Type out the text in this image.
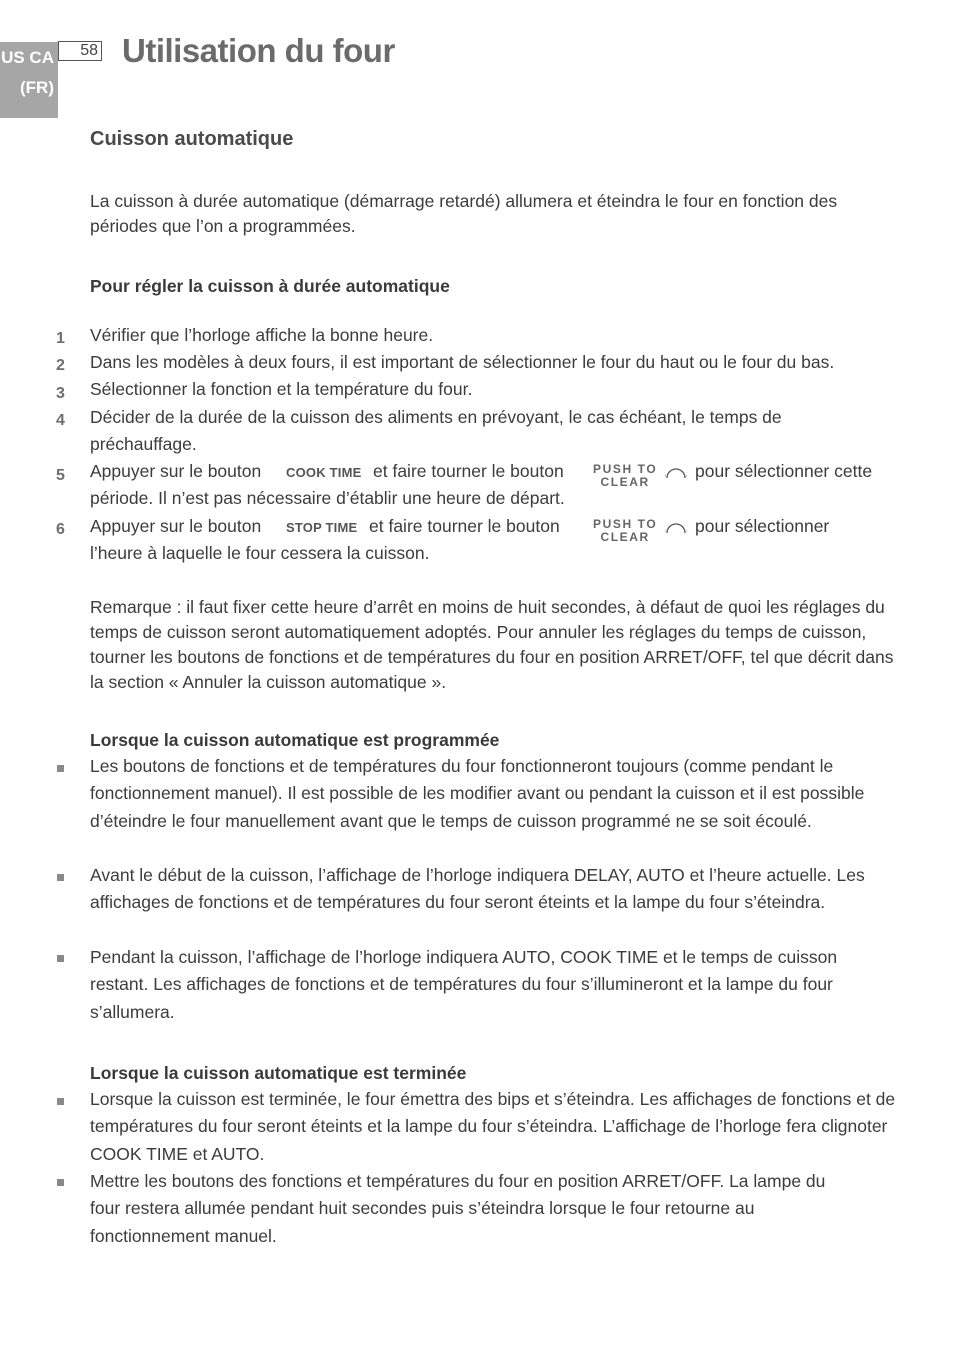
US CA
(FR)
58 Utilisation du four
Cuisson automatique
La cuisson à durée automatique (démarrage retardé) allumera et éteindra le four en fonction des périodes que l’on a programmées.
Pour régler la cuisson à durée automatique
1 Vérifier que l’horloge affiche la bonne heure.
2 Dans les modèles à deux fours, il est important de sélectionner le four du haut ou le four du bas.
3 Sélectionner la fonction et la température du four.
4 Décider de la durée de la cuisson des aliments en prévoyant, le cas échéant, le temps de
préchauffage.
5 Appuyer sur le bouton COOK TIME et faire tourner le bouton PUSH TO
CLEAR
pour sélectionner cette
période. Il n’est pas nécessaire d’établir une heure de départ.
6 Appuyer sur le bouton STOP TIME et faire tourner le bouton	PUSH TO
CLEAR
pour sélectionner
l’heure à laquelle le four cessera la cuisson.
Remarque : il faut fixer cette heure d’arrêt en moins de huit secondes, à défaut de quoi les réglages du temps de cuisson seront automatiquement adoptés. Pour annuler les réglages du temps de cuisson, tourner les boutons de fonctions et de températures du four en position ARRET/OFF, tel que décrit dans la section « Annuler la cuisson automatique ».
Lorsque la cuisson automatique est programmée
Les boutons de fonctions et de températures du four fonctionneront toujours (comme pendant le fonctionnement manuel). Il est possible de les modifier avant ou pendant la cuisson et il est possible d’éteindre le four manuellement avant que le temps de cuisson programmé ne se soit écoulé.
Avant le début de la cuisson, l’affichage de l’horloge indiquera DELAY, AUTO et l’heure actuelle. Les affichages de fonctions et de températures du four seront éteints et la lampe du four s’éteindra.
Pendant la cuisson, l’affichage de l’horloge indiquera AUTO, COOK TIME et le temps de cuisson restant. Les affichages de fonctions et de températures du four s’illumineront et la lampe du four s’allumera.
Lorsque la cuisson automatique est terminée
Lorsque la cuisson est terminée, le four émettra des bips et s’éteindra. Les affichages de fonctions et de températures du four seront éteints et la lampe du four s’éteindra. L’affichage de l’horloge fera clignoter COOK TIME et AUTO.
Mettre les boutons des fonctions et températures du four en position ARRET/OFF. La lampe du four restera allumée pendant huit secondes puis s’éteindra lorsque le four retourne au fonctionnement manuel.
